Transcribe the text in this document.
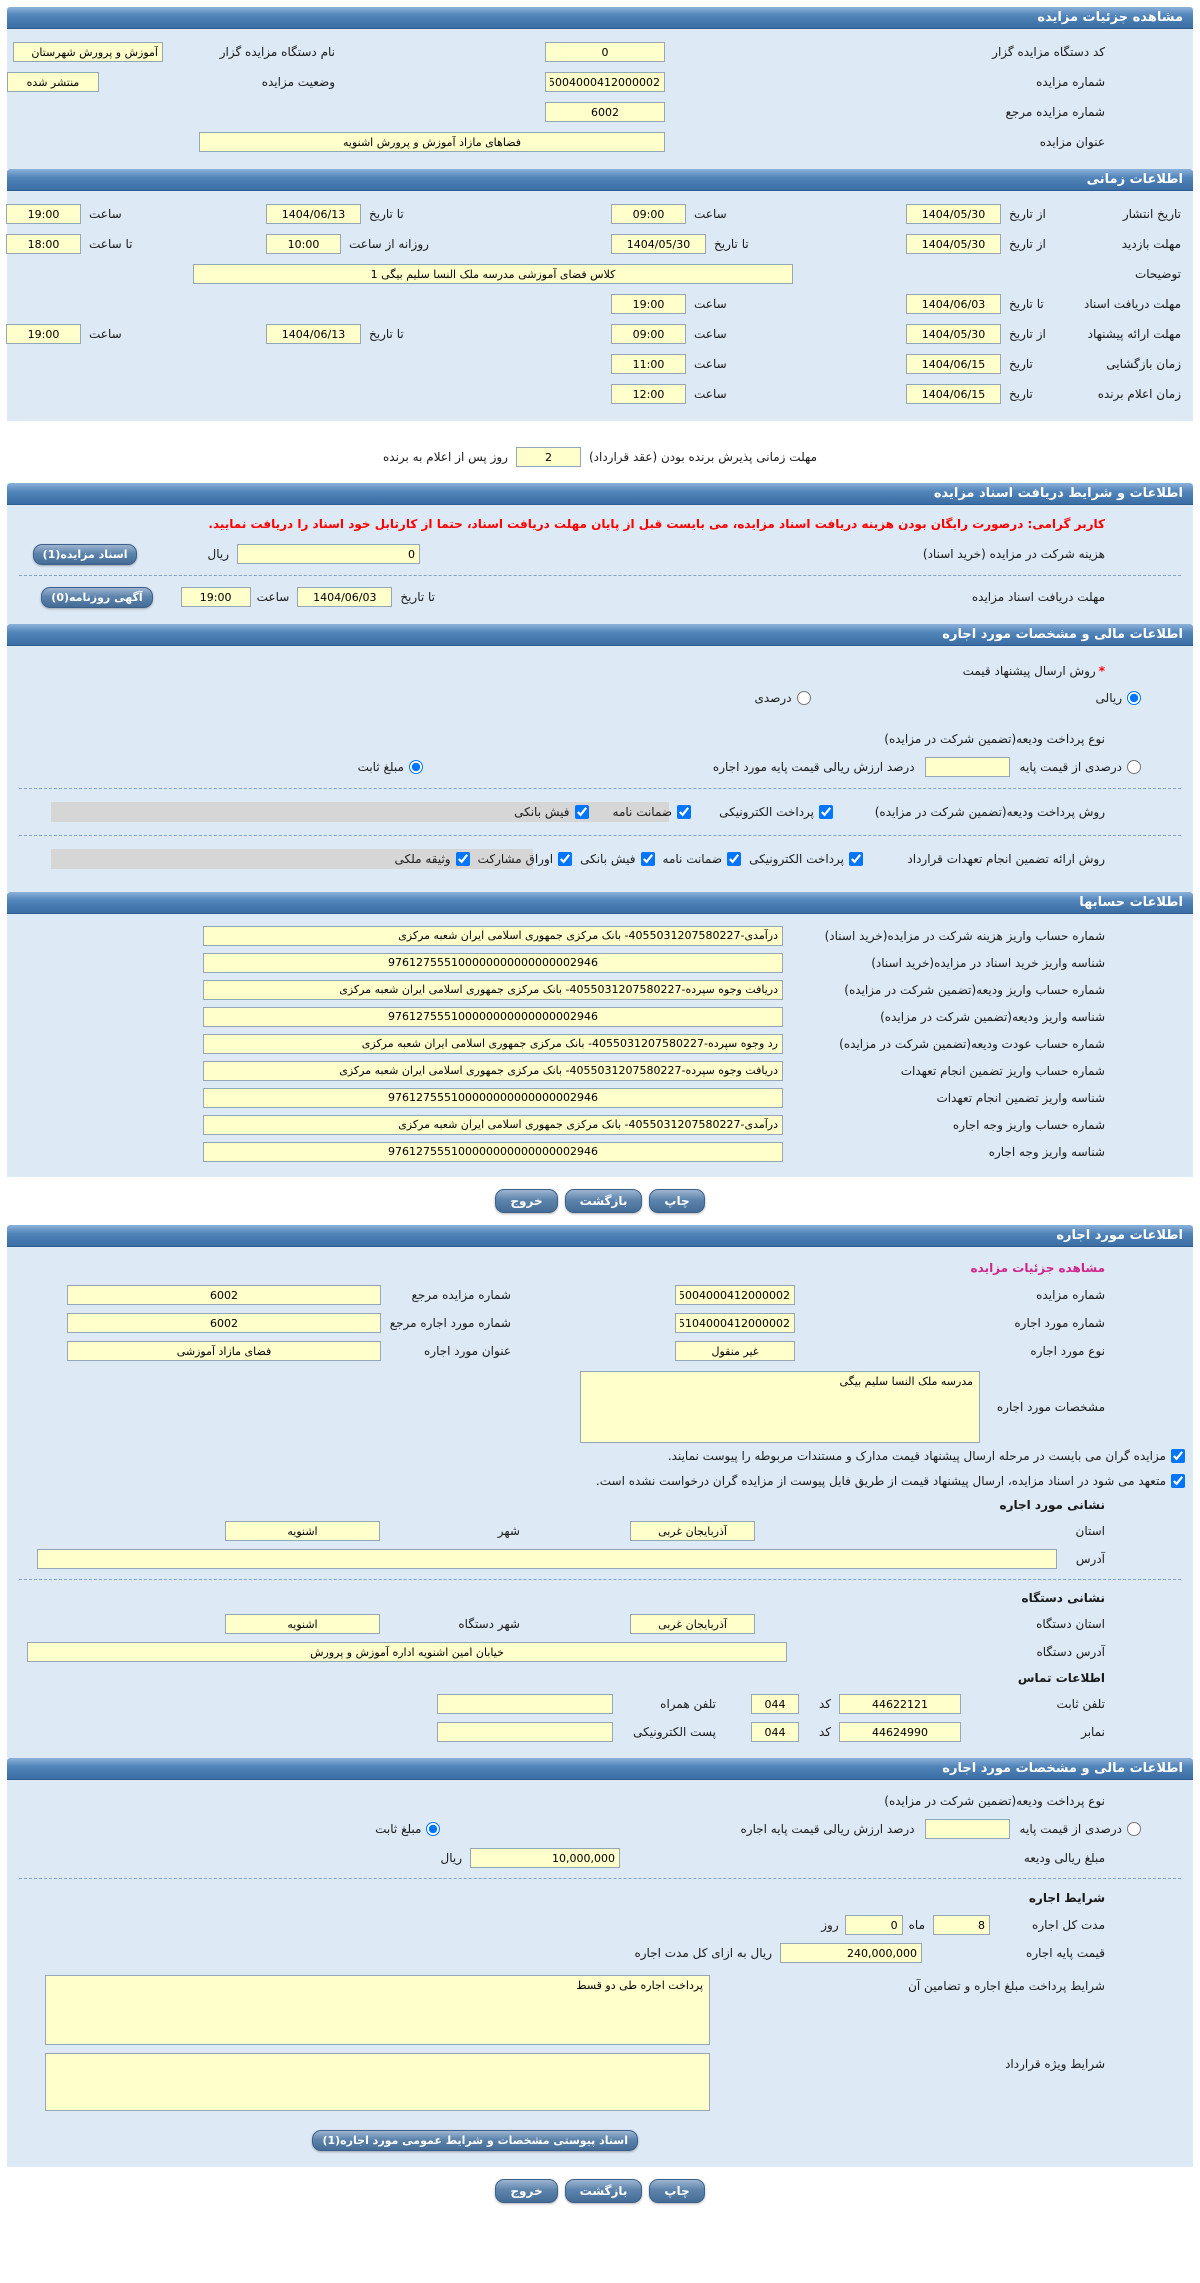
مشاهده جزئیات مزایده
کد دستگاه مزایده گزار
0
نام دستگاه مزایده گزار
آموزش و پرورش شهرستان
شماره مزایده
5004000412000002
وضعیت مزایده
منتشر شده
شماره مزایده مرجع
6002
عنوان مزایده
فضاهای مازاد آموزش و پرورش اشنویه
اطلاعات زمانی
تاریخ انتشار
از تاریخ
1404/05/30
ساعت
09:00
تا تاریخ
1404/06/13
ساعت
19:00
مهلت بازدید
از تاریخ
1404/05/30
تا تاریخ
1404/05/30
روزانه از ساعت
10:00
تا ساعت
18:00
توضیحات
کلاس فضای آموزشی مدرسه ملک النسا سلیم بیگی 1
مهلت دریافت اسناد
تا تاریخ
1404/06/03
ساعت
19:00
مهلت ارائه پیشنهاد
از تاریخ
1404/05/30
ساعت
09:00
تا تاریخ
1404/06/13
ساعت
19:00
زمان بازگشایی
تاریخ
1404/06/15
ساعت
11:00
زمان اعلام برنده
تاریخ
1404/06/15
ساعت
12:00
مهلت زمانی پذیرش برنده بودن (عقد قرارداد)
2
روز پس از اعلام به برنده
اطلاعات و شرایط دریافت اسناد مزایده
کاربر گرامی: درصورت رایگان بودن هزینه دریافت اسناد مزایده، می بایست قبل از پایان مهلت دریافت اسناد، حتما از کارتابل خود اسناد را دریافت نمایید.
هزینه شرکت در مزایده (خرید اسناد)
0
ریال
اسناد مزایده(1)
مهلت دریافت اسناد مزایده
تا تاریخ
1404/06/03
ساعت
19:00
آگهی روزنامه(0)
اطلاعات مالی و مشخصات مورد اجاره
*
روش ارسال پیشنهاد قیمت
ریالی
درصدی
نوع پرداخت ودیعه(تضمین شرکت در مزایده)
درصدی از قیمت پایه
درصد ارزش ریالی قیمت پایه مورد اجاره
مبلغ ثابت
روش پرداخت ودیعه(تضمین شرکت در مزایده)
پرداخت الکترونیکی
ضمانت نامه
فیش بانکی
روش ارائه تضمین انجام تعهدات قرارداد
پرداخت الکترونیکی
ضمانت نامه
فیش بانکی
اوراق مشارکت
وثیقه ملکی
اطلاعات حسابها
شماره حساب واریز هزینه شرکت در مزایده(خرید اسناد)
درآمدی-4055031207580227- بانک مرکزی جمهوری اسلامی ایران شعبه مرکزی
شناسه واریز خرید اسناد در مزایده(خرید اسناد)
976127555100000000000000002946
شماره حساب واریز ودیعه(تضمین شرکت در مزایده)
دریافت وجوه سپرده-4055031207580227- بانک مرکزی جمهوری اسلامی ایران شعبه مرکزی
شناسه واریز ودیعه(تضمین شرکت در مزایده)
976127555100000000000000002946
شماره حساب عودت ودیعه(تضمین شرکت در مزایده)
رد وجوه سپرده-4055031207580227- بانک مرکزی جمهوری اسلامی ایران شعبه مرکزی
شماره حساب واریز تضمین انجام تعهدات
دریافت وجوه سپرده-4055031207580227- بانک مرکزی جمهوری اسلامی ایران شعبه مرکزی
شناسه واریز تضمین انجام تعهدات
976127555100000000000000002946
شماره حساب واریز وجه اجاره
درآمدی-4055031207580227- بانک مرکزی جمهوری اسلامی ایران شعبه مرکزی
شناسه واریز وجه اجاره
976127555100000000000000002946
چاپ
بازگشت
خروج
اطلاعات مورد اجاره
مشاهده جزئیات مزایده
شماره مزایده
5004000412000002
شماره مزایده مرجع
6002
شماره مورد اجاره
5104000412000002
شماره مورد اجاره مرجع
6002
نوع مورد اجاره
غیر منقول
عنوان مورد اجاره
فضای مازاد آموزشی
مشخصات مورد اجاره
مدرسه ملک النسا سلیم بیگی
مزایده گران می بایست در مرحله ارسال پیشنهاد قیمت مدارک و مستندات مربوطه را پیوست نمایند.
متعهد می شود در اسناد مزایده، ارسال پیشنهاد قیمت از طریق فایل پیوست از مزایده گران درخواست نشده است.
نشانی مورد اجاره
استان
آذربایجان غربی
شهر
اشنویه
آدرس
نشانی دستگاه
استان دستگاه
آذربایجان غربی
شهر دستگاه
اشنویه
آدرس دستگاه
خیابان امین اشنویه اداره آموزش و پرورش
اطلاعات تماس
تلفن ثابت
44622121
کد
044
تلفن همراه
نمابر
44624990
کد
044
پست الکترونیکی
اطلاعات مالی و مشخصات مورد اجاره
نوع پرداخت ودیعه(تضمین شرکت در مزایده)
درصدی از قیمت پایه
درصد ارزش ریالی قیمت پایه اجاره
مبلغ ثابت
مبلغ ریالی ودیعه
10,000,000
ریال
شرایط اجاره
مدت کل اجاره
8
ماه
0
روز
قیمت پایه اجاره
240,000,000
ریال به ازای کل مدت اجاره
شرایط پرداخت مبلغ اجاره و تضامین آن
پرداخت اجاره طی دو قسط
شرایط ویژه قرارداد
اسناد پیوستی مشخصات و شرایط عمومی مورد اجاره(1)
چاپ
بازگشت
خروج
